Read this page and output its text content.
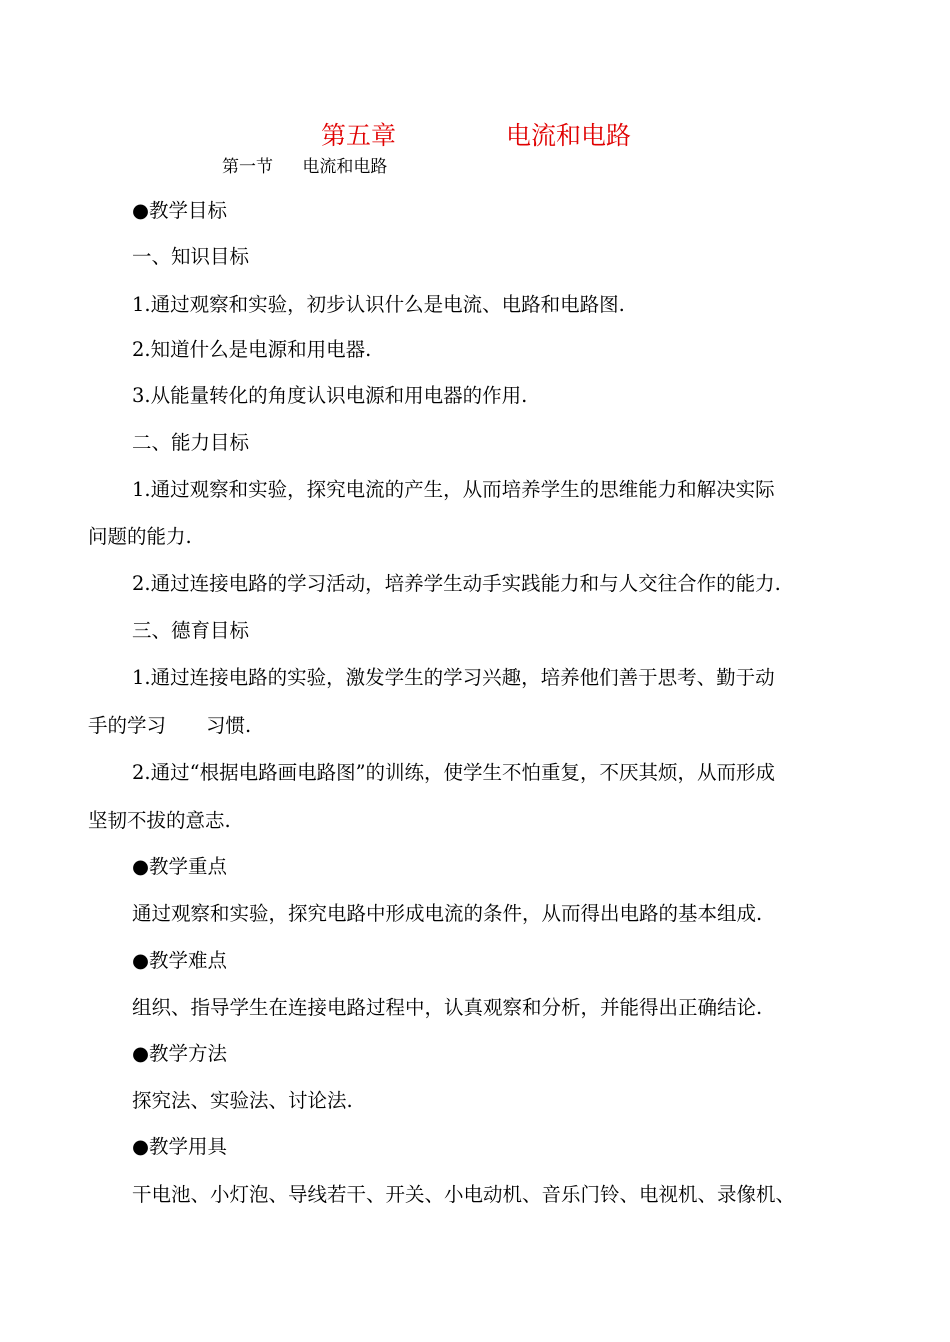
第五章	电流和电路
第一节 电流和电路
●教学目标
一、知识目标
1.通过观察和实验，初步认识什么是电流、电路和电路图.
2.知道什么是电源和用电器.
3.从能量转化的角度认识电源和用电器的作用.
二、能力目标
1.通过观察和实验，探究电流的产生，从而培养学生的思维能力和解决实际
问题的能力.
2.通过连接电路的学习活动，培养学生动手实践能力和与人交往合作的能力.
三、德育目标
1.通过连接电路的实验，激发学生的学习兴趣，培养他们善于思考、勤于动
手的学习 习惯.
2.通过“根据电路画电路图”的训练，使学生不怕重复，不厌其烦，从而形成
坚韧不拔的意志.
●教学重点
通过观察和实验，探究电路中形成电流的条件，从而得出电路的基本组成.
●教学难点
组织、指导学生在连接电路过程中，认真观察和分析，并能得出正确结论.
●教学方法
探究法、实验法、讨论法.
●教学用具
干电池、小灯泡、导线若干、开关、小电动机、音乐门铃、电视机、录像机、
